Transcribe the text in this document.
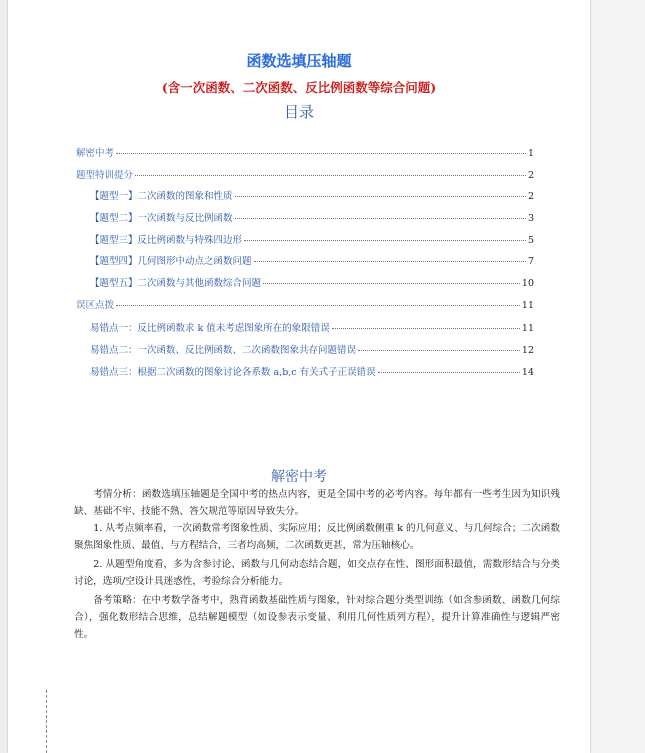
函数选填压轴题
(含一次函数、二次函数、反比例函数等综合问题)
目录
解密中考	1
题型特训提分	2
【题型一】二次函数的图象和性质	2
【题型二】一次函数与反比例函数	3
【题型三】反比例函数与特殊四边形	5
【题型四】几何图形中动点之函数问题	7
【题型五】二次函数与其他函数综合问题	10
误区点拨	11
易错点一：反比例函数求 k 值未考虑图象所在的象限错误	11
易错点二：一次函数、反比例函数、二次函数图象共存问题错误	12
易错点三：根据二次函数的图象讨论各系数 a,b,c 有关式子正误错误	14
解密中考
考情分析：函数选填压轴题是全国中考的热点内容，更是全国中考的必考内容。每年都有一些考生因为知识残缺、基础不牢、技能不熟、答欠规范等原因导致失分。
1. 从考点频率看，一次函数常考图象性质、实际应用；反比例函数侧重 k 的几何意义、与几何综合；二次函数聚焦图象性质、最值、与方程结合，三者均高频，二次函数更甚，常为压轴核心。
2. 从题型角度看，多为含参讨论、函数与几何动态结合题，如交点存在性、图形面积最值，需数形结合与分类讨论，选项/空设计具迷惑性，考验综合分析能力。
备考策略：在中考数学备考中，熟背函数基础性质与图象，针对综合题分类型训练（如含参函数、函数几何综合），强化数形结合思维，总结解题模型（如设参表示变量、利用几何性质列方程），提升计算准确性与逻辑严密性。
